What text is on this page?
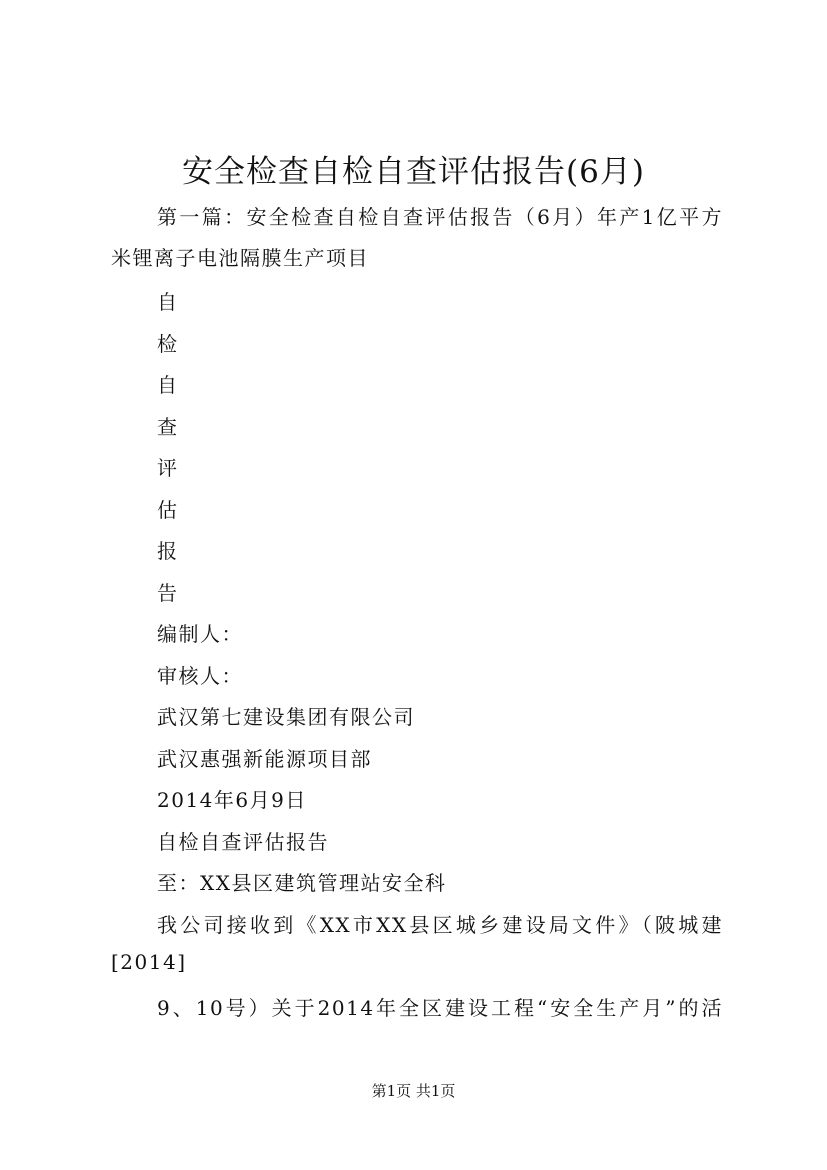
安全检查自检自查评估报告(6月)
第一篇：安全检查自检自查评估报告（6月）年产1亿平方
米锂离子电池隔膜生产项目
自
检
自
查
评
估
报
告
编制人：
审核人：
武汉第七建设集团有限公司
武汉惠强新能源项目部
2014年6月9日
自检自查评估报告
至：XX县区建筑管理站安全科
我公司接收到《XX市XX县区城乡建设局文件》（陂城建
[2014]
9、10号）关于2014年全区建设工程“安全生产月”的活
第1页 共1页
